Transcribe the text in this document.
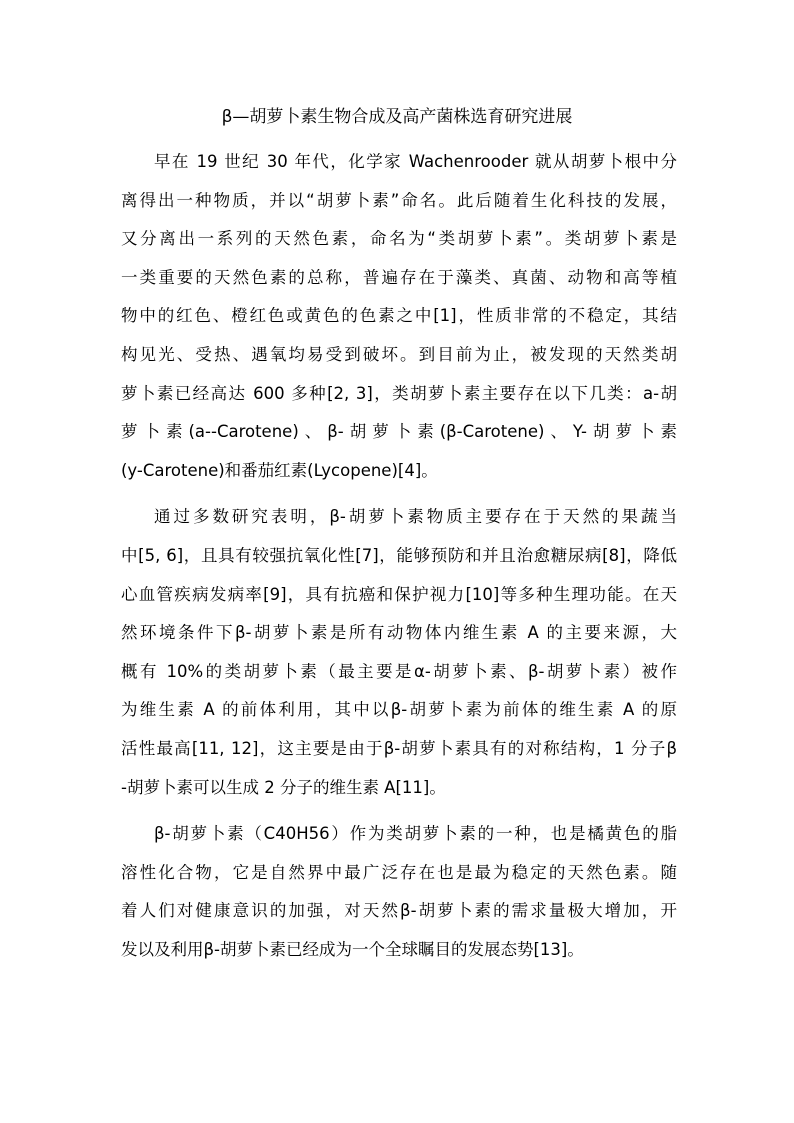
β—胡萝卜素生物合成及高产菌株选育研究进展
早在 19 世纪 30 年代，化学家 Wachenrooder 就从胡萝卜根中分
离得出一种物质，并以“胡萝卜素”命名。此后随着生化科技的发展，
又分离出一系列的天然色素，命名为“类胡萝卜素”。类胡萝卜素是
一类重要的天然色素的总称，普遍存在于藻类、真菌、动物和高等植
物中的红色、橙红色或黄色的色素之中[1]，性质非常的不稳定，其结
构见光、受热、遇氧均易受到破坏。到目前为止，被发现的天然类胡
萝卜素已经高达 600 多种[2, 3]，类胡萝卜素主要存在以下几类：a-胡
萝卜素(a--Carotene)、β-胡萝卜素(β-Carotene)、Y-胡萝卜素
(y-Carotene)和番茄红素(Lycopene)[4]。
通过多数研究表明，β-胡萝卜素物质主要存在于天然的果蔬当
中[5, 6]，且具有较强抗氧化性[7]，能够预防和并且治愈糖尿病[8]，降低
心血管疾病发病率[9]，具有抗癌和保护视力[10]等多种生理功能。在天
然环境条件下β-胡萝卜素是所有动物体内维生素 A 的主要来源，大
概有 10%的类胡萝卜素（最主要是α-胡萝卜素、β-胡萝卜素）被作
为维生素 A 的前体利用，其中以β-胡萝卜素为前体的维生素 A 的原
活性最高[11, 12]，这主要是由于β-胡萝卜素具有的对称结构，1 分子β
-胡萝卜素可以生成 2 分子的维生素 A[11]。
β-胡萝卜素（C40H56）作为类胡萝卜素的一种，也是橘黄色的脂
溶性化合物，它是自然界中最广泛存在也是最为稳定的天然色素。随
着人们对健康意识的加强，对天然β-胡萝卜素的需求量极大增加，开
发以及利用β-胡萝卜素已经成为一个全球瞩目的发展态势[13]。
